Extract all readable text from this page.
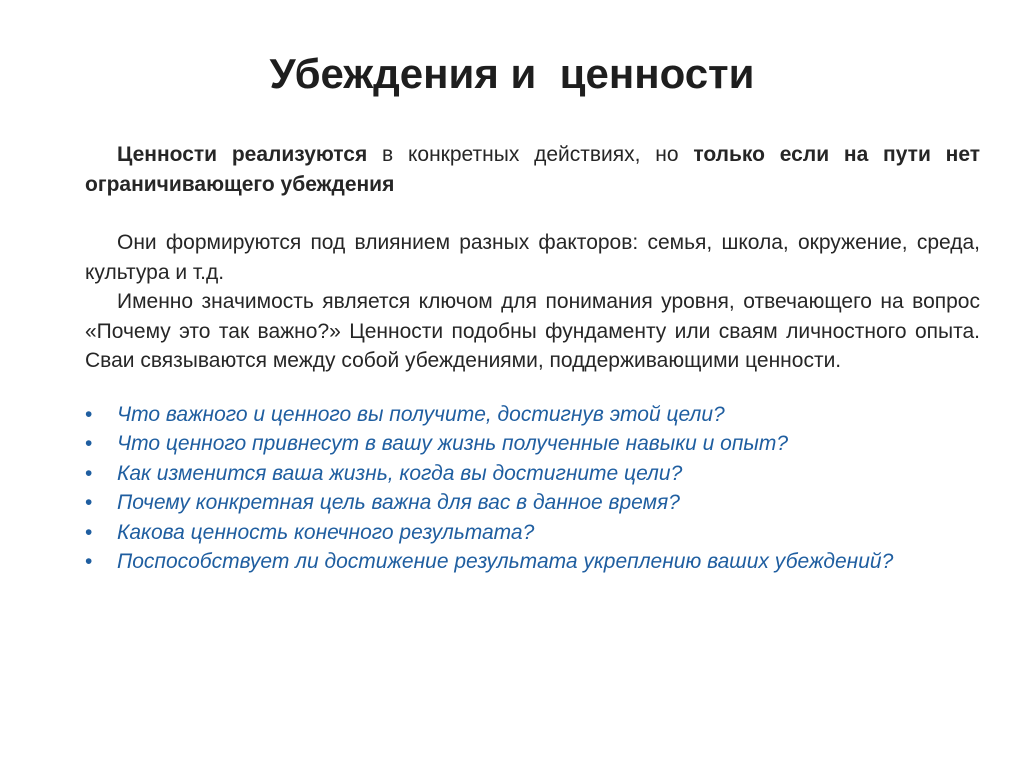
Убеждения и  ценности

Ценности реализуются в конкретных действиях, но только если на пути нет ограничивающего убеждения

Они формируются под влиянием разных факторов: семья, школа, окружение, среда, культура и т.д.

Именно значимость является ключом для понимания уровня, отвечающего на вопрос «Почему это так важно?» Ценности подобны фундаменту или сваям личностного опыта. Сваи связываются между собой убеждениями, поддерживающими ценности.

• Что важного и ценного вы получите, достигнув этой цели?
• Что ценного привнесут в вашу жизнь полученные навыки и опыт?
• Как изменится ваша жизнь, когда вы достигните цели?
• Почему конкретная цель важна для вас в данное время?
• Какова ценность конечного результата?
• Поспособствует ли достижение результата укреплению ваших убеждений?
